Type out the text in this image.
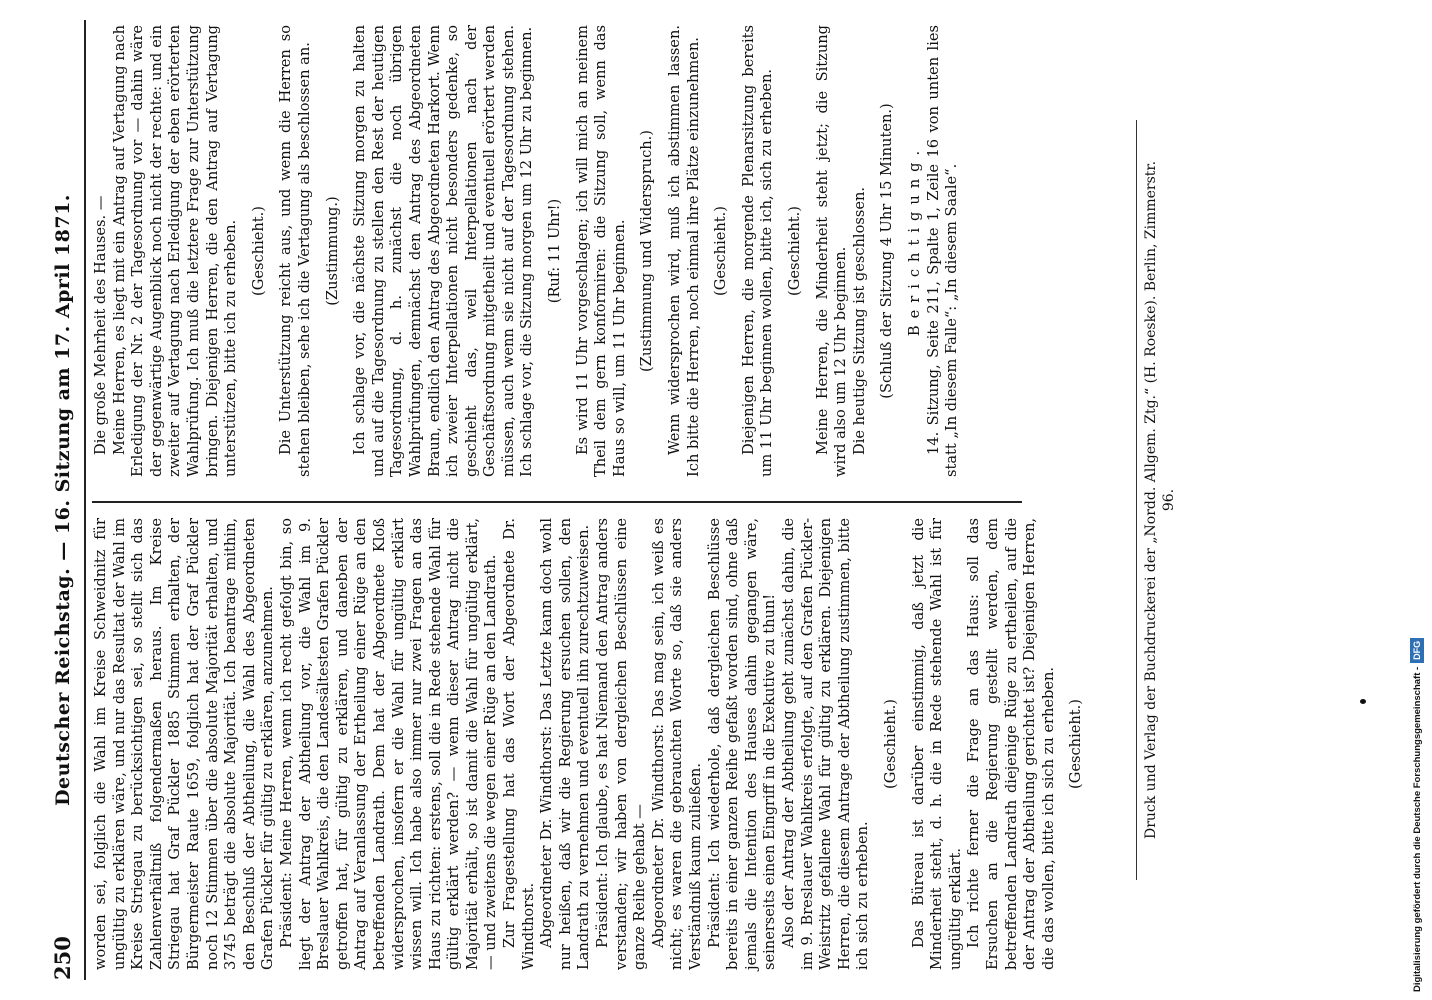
250
Deutscher Reichstag. — 16. Sitzung am 17. April 1871. worden sei, folglich die Wahl im Kreise Schweidnitz für ungültig zu erklären wäre, und nur das Resultat der Wahl im Kreise Striegau zu berücksichtigen sei, so stellt sich das Zahlenverhältniß folgendermaßen heraus. Im Kreise Striegau hat Graf Pückler 1885 Stimmen erhalten, der Bürgermeister Raute 1659, folglich hat der Graf Pückler noch 12 Stimmen über die absolute Majorität erhalten, und 3745 beträgt die absolute Majorität. Ich beantrage mithin, den Beschluß der Abtheilung, die Wahl des Abgeordneten Grafen Pückler für gültig zu erklären, anzunehmen. Präsident: Meine Herren, wenn ich recht gefolgt bin, so liegt der Antrag der Abtheilung vor, die Wahl im 9. Breslauer Wahlkreis, die den Landesältesten Grafen Pückler getroffen hat, für gültig zu erklären, und daneben der Antrag auf Veranlassung der Ertheilung einer Rüge an den betreffenden Landrath. Dem hat der Abgeordnete Kloß widersprochen, insofern er die Wahl für ungültig erklärt wissen will. Ich habe also immer nur zwei Fragen an das Haus zu richten: erstens, soll die in Rede stehende Wahl für gültig erklärt werden? — wenn dieser Antrag nicht die Majorität erhält, so ist damit die Wahl für ungültig erklärt, — und zweitens die wegen einer Rüge an den Landrath. Zur Fragestellung hat das Wort der Abgeordnete Dr. Windthorst. Abgeordneter Dr. Windthorst: Das Letzte kann doch wohl nur heißen, daß wir die Regierung ersuchen sollen, den Landrath zu vernehmen und eventuell ihn zurechtzuweisen. Präsident: Ich glaube, es hat Niemand den Antrag anders verstanden; wir haben von dergleichen Beschlüssen eine ganze Reihe gehabt — Abgeordneter Dr. Windthorst: Das mag sein, ich weiß es nicht; es waren die gebrauchten Worte so, daß sie anders Verständniß kaum zuließen. Präsident: Ich wiederhole, daß dergleichen Beschlüsse bereits in einer ganzen Reihe gefaßt worden sind, ohne daß jemals die Intention des Hauses dahin gegangen wäre, seinerseits einen Eingriff in die Exekutive zu thun! Also der Antrag der Abtheilung geht zunächst dahin, die im 9. Breslauer Wahlkreis erfolgte, auf den Grafen Pückler-Weistritz gefallene Wahl für gültig zu erklären. Diejenigen Herren, die diesem Antrage der Abtheilung zustimmen, bitte ich sich zu erheben.

(Geschieht.) Das Büreau ist darüber einstimmig, daß jetzt die Minderheit steht, d. h. die in Rede stehende Wahl ist für ungültig erklärt. Ich richte ferner die Frage an das Haus: soll das Ersuchen an die Regierung gestellt werden, dem betreffenden Landrath diejenige Rüge zu ertheilen, auf die der Antrag der Abtheilung gerichtet ist? Diejenigen Herren, die das wollen, bitte ich sich zu erheben. (Geschieht.)

Die große Mehrheit des Hauses. — Meine Herren, es liegt mit ein Antrag auf Vertagung nach Erledigung der Nr. 2 der Tagesordnung vor — dahin wäre der gegenwärtige Augenblick noch nicht der rechte: und ein zweiter auf Vertagung nach Erledigung der eben erörterten Wahlprüfung. Ich muß die letztere Frage zur Unterstützung bringen. Diejenigen Herren, die den Antrag auf Vertagung unterstützen, bitte ich zu erheben. (Geschieht.) Die Unterstützung reicht aus, und wenn die Herren so stehen bleiben, sehe ich die Vertagung als beschlossen an. (Zustimmung.) Ich schlage vor, die nächste Sitzung morgen zu halten und auf die Tagesordnung zu stellen den Rest der heutigen Tagesordnung, d. h. zunächst die noch übrigen Wahlprüfungen, demnächst den Antrag des Abgeordneten Braun, endlich den Antrag des Abgeordneten Harkort. Wenn ich zweier Interpellationen nicht besonders gedenke, so geschieht das, weil Interpellationen nach der Geschäftsordnung mitgetheilt und eventuell erörtert werden müssen, auch wenn sie nicht auf der Tagesordnung stehen. Ich schlage vor, die Sitzung morgen um 12 Uhr zu beginnen. (Ruf: 11 Uhr!) Es wird 11 Uhr vorgeschlagen; ich will mich an meinem Theil dem gern konformiren: die Sitzung soll, wenn das Haus so will, um 11 Uhr beginnen. (Zustimmung und Widerspruch.) Wenn widersprochen wird, muß ich abstimmen lassen. Ich bitte die Herren, noch einmal ihre Plätze einzunehmen. (Geschieht.) Diejenigen Herren, die morgende Plenarsitzung bereits um 11 Uhr beginnen wollen, bitte ich, sich zu erheben. (Geschieht.) Meine Herren, die Minderheit steht jetzt; die Sitzung wird also um 12 Uhr beginnen. Die heutige Sitzung ist geschlossen. (Schluß der Sitzung 4 Uhr 15 Minuten.) Berichtigung. 14. Sitzung, Seite 211, Spalte 1, Zeile 16 von unten lies statt „In diesem Falle“: „In diesem Saale“.	Druck und Verlag der Buchdruckerei der „Nordd. Allgem. Ztg.“ (H. Roeske). Berlin, Zimmerstr. 96.
Digitalisierung gefördert durch die Deutsche Forschungsgemeinschaft -DFG
